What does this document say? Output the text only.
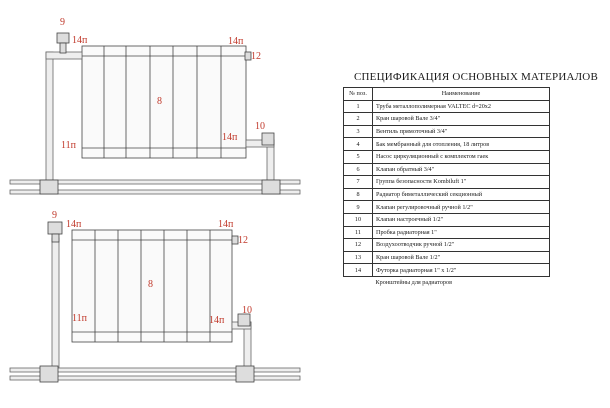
9
14п	14п
12
8
11п
14п
10
9
14п	14п
12
8
11п	14п
10
СПЕЦИФИКАЦИЯ ОСНОВНЫХ МАТЕРИАЛОВ
№ поз.	Наименование
1	Труба металлополимерная VALTEC d=20х2
2	Кран шаровой Вале 3/4"
3	Вентиль прямоточный 3/4"
4	Бак мембранный для отопления, 18 литров
5	Насос циркуляционный с комплектом гаек
6	Клапан обратный 3/4"
7	Группа безопасности Kombiluft 1"
8	Радиатор биметаллический секционный
9	Клапан регулировочный ручной 1/2"
10	Клапан настроечный 1/2"
11	Пробка радиаторная 1"
12	Воздухоотводчик ручной 1/2"
13	Кран шаровой Вале 1/2"
14	Футорка радиаторная 1" х 1/2"
	Кронштейны для радиаторов
